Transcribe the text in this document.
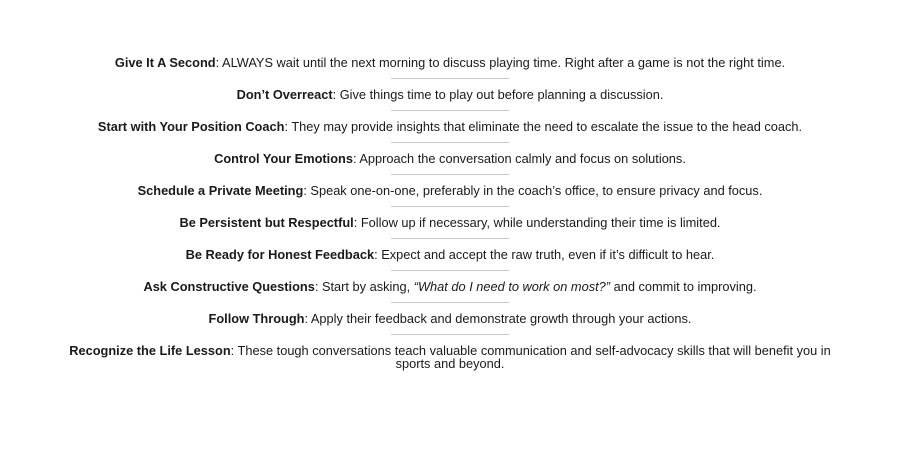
Give It A Second: ALWAYS wait until the next morning to discuss playing time. Right after a game is not the right time.
Don’t Overreact: Give things time to play out before planning a discussion.
Start with Your Position Coach: They may provide insights that eliminate the need to escalate the issue to the head coach.
Control Your Emotions: Approach the conversation calmly and focus on solutions.
Schedule a Private Meeting: Speak one-on-one, preferably in the coach’s office, to ensure privacy and focus.
Be Persistent but Respectful: Follow up if necessary, while understanding their time is limited.
Be Ready for Honest Feedback: Expect and accept the raw truth, even if it’s difficult to hear.
Ask Constructive Questions: Start by asking, “What do I need to work on most?” and commit to improving.
Follow Through: Apply their feedback and demonstrate growth through your actions.
Recognize the Life Lesson: These tough conversations teach valuable communication and self-advocacy skills that will benefit you in sports and beyond.
